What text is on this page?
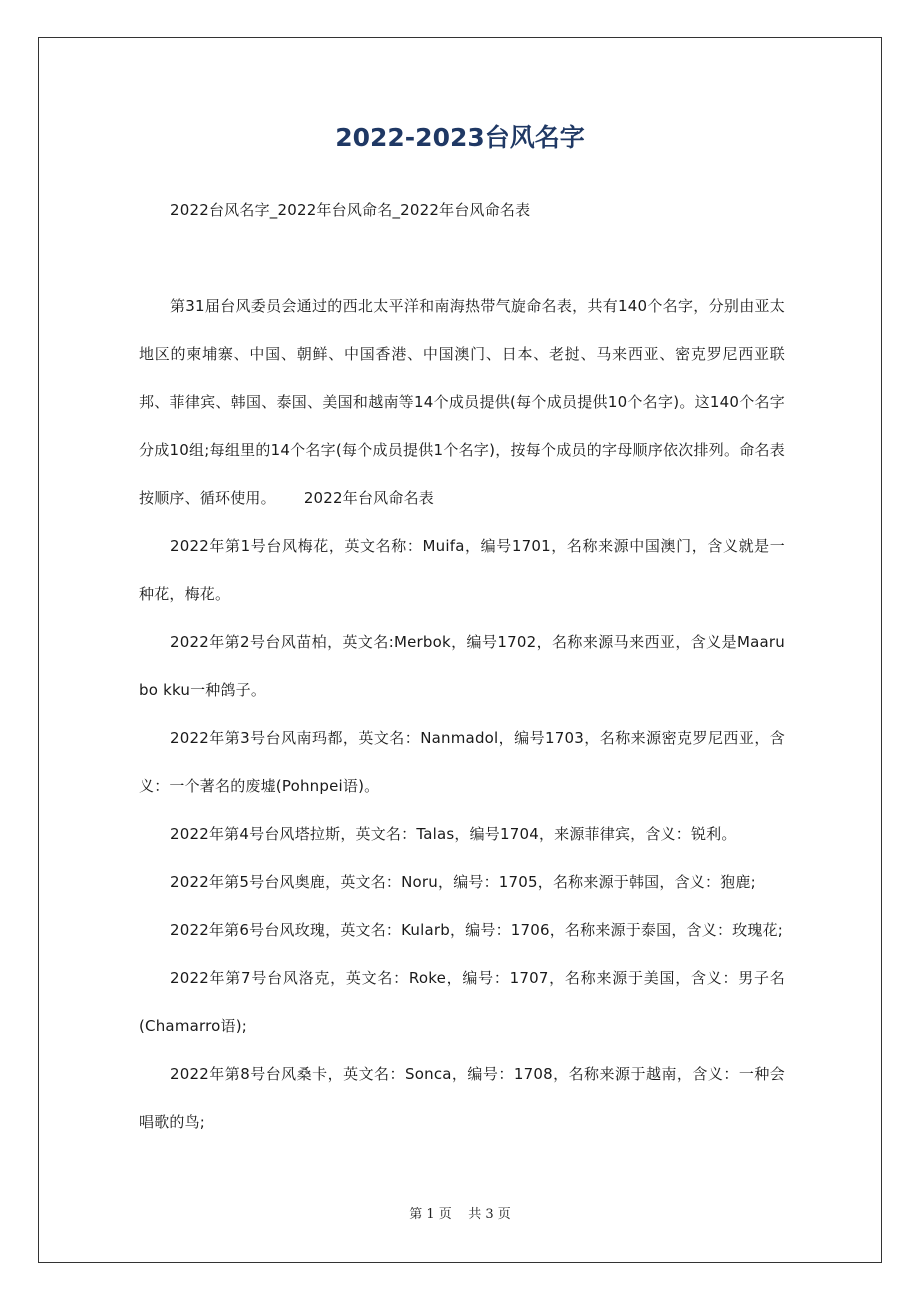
2022-2023台风名字

2022台风名字_2022年台风命名_2022年台风命名表

第31届台风委员会通过的西北太平洋和南海热带气旋命名表，共有140个名字，分别由亚太地区的柬埔寨、中国、朝鲜、中国香港、中国澳门、日本、老挝、马来西亚、密克罗尼西亚联邦、菲律宾、韩国、泰国、美国和越南等14个成员提供(每个成员提供10个名字)。这140个名字分成10组;每组里的14个名字(每个成员提供1个名字)，按每个成员的字母顺序依次排列。命名表按顺序、循环使用。 2022年台风命名表

2022年第1号台风梅花，英文名称：Muifa，编号1701，名称来源中国澳门，含义就是一种花，梅花。

2022年第2号台风苗柏，英文名:Merbok，编号1702，名称来源马来西亚，含义是Maaru bo kku一种鸽子。

2022年第3号台风南玛都，英文名：Nanmadol，编号1703，名称来源密克罗尼西亚，含义：一个著名的废墟(Pohnpei语)。

2022年第4号台风塔拉斯，英文名：Talas，编号1704，来源菲律宾，含义：锐利。

2022年第5号台风奥鹿，英文名：Noru，编号：1705，名称来源于韩国，含义：狍鹿;

2022年第6号台风玫瑰，英文名：Kularb，编号：1706，名称来源于泰国，含义：玫瑰花;

2022年第7号台风洛克，英文名：Roke，编号：1707，名称来源于美国，含义：男子名(Chamarro语);

2022年第8号台风桑卡，英文名：Sonca，编号：1708，名称来源于越南，含义：一种会唱歌的鸟;

第 1 页 共 3 页
